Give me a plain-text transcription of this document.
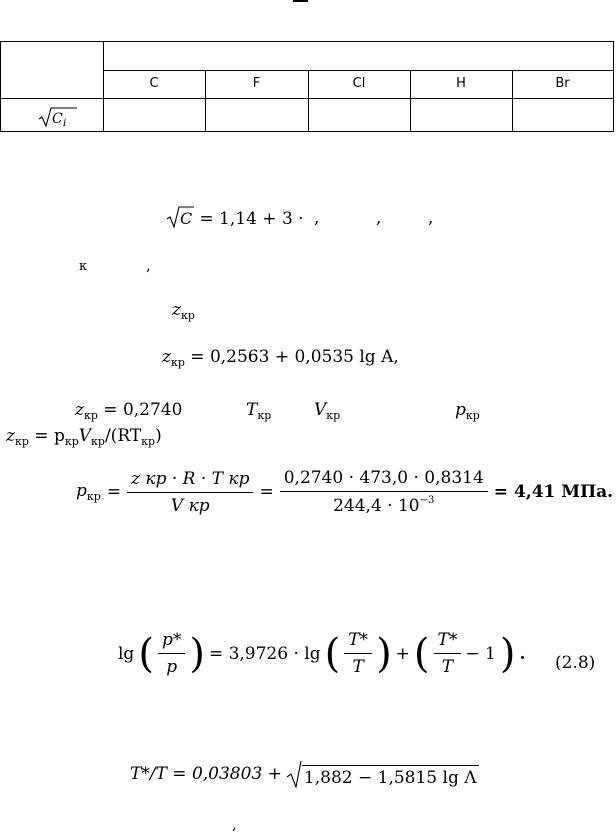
C	F	Cl	Н	Br
C i
C = 1,14 + 3 · ,	,	,
к	,
$z_{кр}$
$z_{кр} = 0,2563 + 0,0535$ lg A,
$z_{кр} = 0,2740$	$T_{кр}$	$V_{кр}$	$p_{кр}$
$z_{кр} = p_{кр}V_{кр}/(RT_{кр})$
$p_{кр} = \frac{\text{z кр · R · T кр}}{\text{V кр}} = \frac{0,2740 \cdot 473,0 \cdot 0,8314}{244,4 \cdot 10^{-3}} = 4,41$ МПа.
lg ( $\frac{p*}{p}$ ) = 3,9726 · lg ( $\frac{T*}{T}$ ) + ( $\frac{T*}{T} - 1$ ) . (2.8)
T*/T = 0,03803 + 1,882 − 1,5815 lg Λ
,
